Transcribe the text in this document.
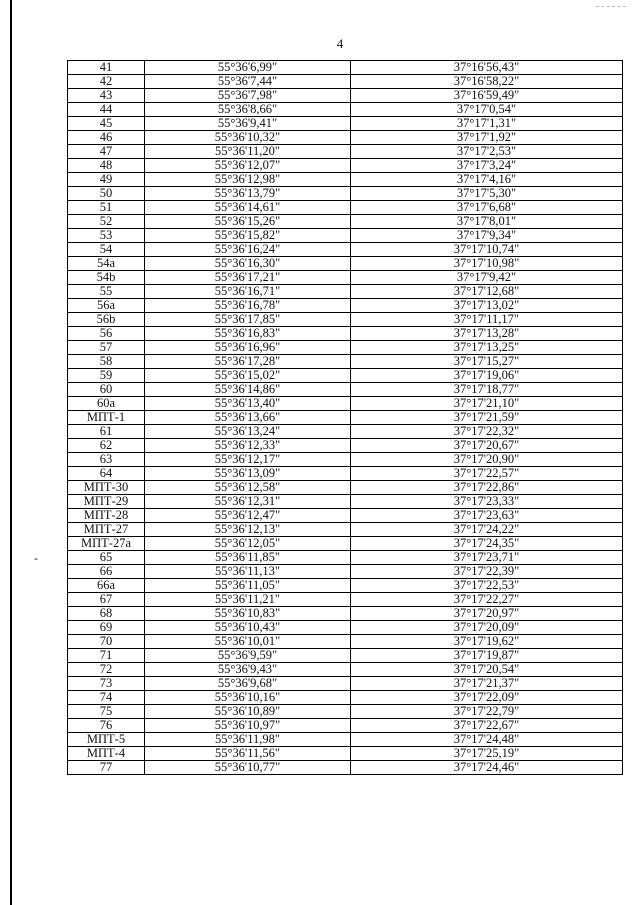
4
-
41	55°36'6,99"	37°16'56,43"
42	55°36'7,44"	37°16'58,22"
43	55°36'7,98"	37°16'59,49"
44	55°36'8,66"	37°17'0,54"
45	55°36'9,41"	37°17'1,31"
46	55°36'10,32"	37°17'1,92"
47	55°36'11,20"	37°17'2,53"
48	55°36'12,07"	37°17'3,24"
49	55°36'12,98"	37°17'4,16"
50	55°36'13,79"	37°17'5,30"
51	55°36'14,61"	37°17'6,68"
52	55°36'15,26"	37°17'8,01"
53	55°36'15,82"	37°17'9,34"
54	55°36'16,24"	37°17'10,74"
54a	55°36'16,30"	37°17'10,98"
54b	55°36'17,21"	37°17'9,42"
55	55°36'16,71"	37°17'12,68"
56a	55°36'16,78"	37°17'13,02"
56b	55°36'17,85"	37°17'11,17"
56	55°36'16,83"	37°17'13,28"
57	55°36'16,96"	37°17'13,25"
58	55°36'17,28"	37°17'15,27"
59	55°36'15,02"	37°17'19,06"
60	55°36'14,86"	37°17'18,77"
60a	55°36'13,40"	37°17'21,10"
МПТ-1	55°36'13,66"	37°17'21,59"
61	55°36'13,24"	37°17'22,32"
62	55°36'12,33"	37°17'20,67"
63	55°36'12,17"	37°17'20,90"
64	55°36'13,09"	37°17'22,57"
МПТ-30	55°36'12,58"	37°17'22,86"
МПТ-29	55°36'12,31"	37°17'23,33"
МПТ-28	55°36'12,47"	37°17'23,63"
МПТ-27	55°36'12,13"	37°17'24,22"
МПТ-27а	55°36'12,05"	37°17'24,35"
65	55°36'11,85"	37°17'23,71"
66	55°36'11,13"	37°17'22,39"
66a	55°36'11,05"	37°17'22,53"
67	55°36'11,21"	37°17'22,27"
68	55°36'10,83"	37°17'20,97"
69	55°36'10,43"	37°17'20,09"
70	55°36'10,01"	37°17'19,62"
71	55°36'9,59"	37°17'19,87"
72	55°36'9,43"	37°17'20,54"
73	55°36'9,68"	37°17'21,37"
74	55°36'10,16"	37°17'22,09"
75	55°36'10,89"	37°17'22,79"
76	55°36'10,97"	37°17'22,67"
МПТ-5	55°36'11,98"	37°17'24,48"
МПТ-4	55°36'11,56"	37°17'25,19"
77	55°36'10,77"	37°17'24,46"
